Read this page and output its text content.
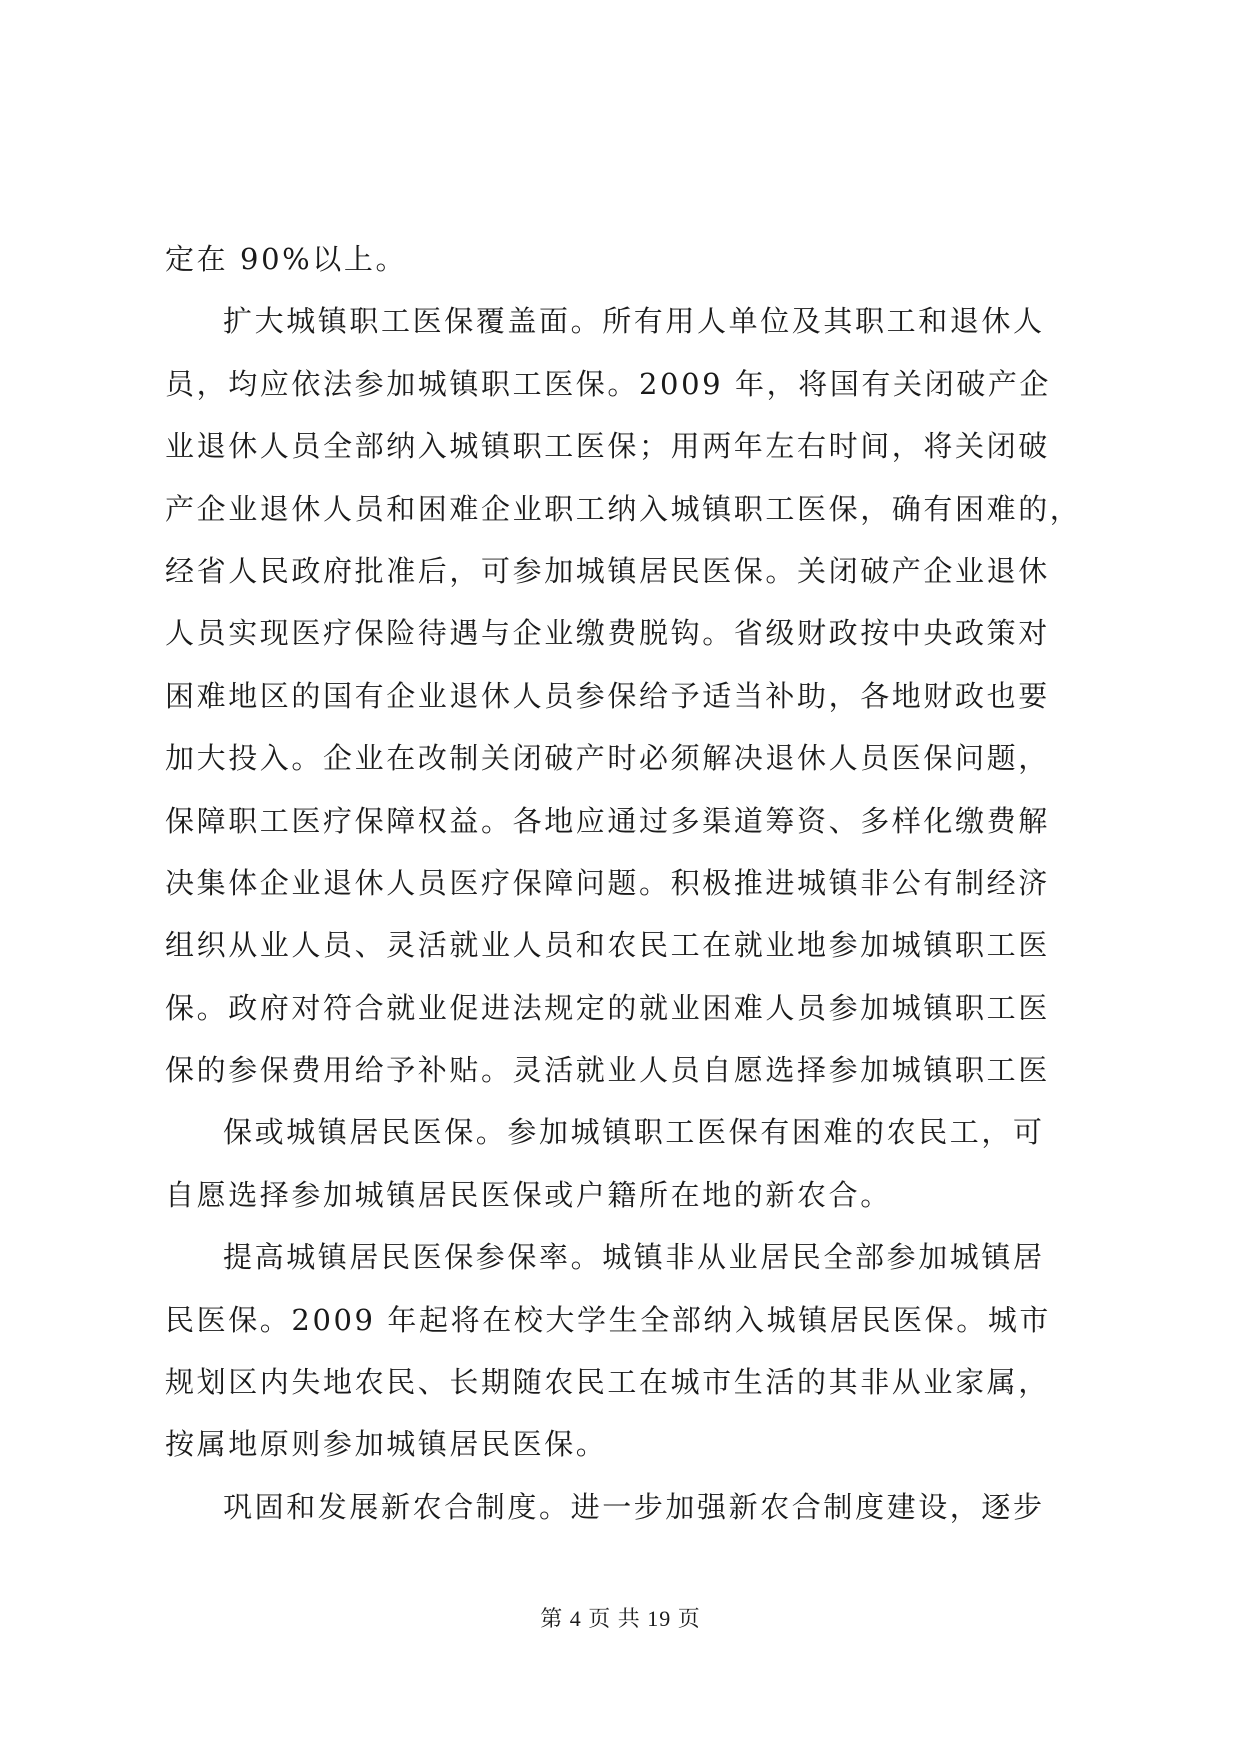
定在 90%以上。
扩大城镇职工医保覆盖面。所有用人单位及其职工和退休人
员，均应依法参加城镇职工医保。2009 年，将国有关闭破产企
业退休人员全部纳入城镇职工医保；用两年左右时间，将关闭破
产企业退休人员和困难企业职工纳入城镇职工医保，确有困难的，
经省人民政府批准后，可参加城镇居民医保。关闭破产企业退休
人员实现医疗保险待遇与企业缴费脱钩。省级财政按中央政策对
困难地区的国有企业退休人员参保给予适当补助，各地财政也要
加大投入。企业在改制关闭破产时必须解决退休人员医保问题，
保障职工医疗保障权益。各地应通过多渠道筹资、多样化缴费解
决集体企业退休人员医疗保障问题。积极推进城镇非公有制经济
组织从业人员、灵活就业人员和农民工在就业地参加城镇职工医
保。政府对符合就业促进法规定的就业困难人员参加城镇职工医
保的参保费用给予补贴。灵活就业人员自愿选择参加城镇职工医
保或城镇居民医保。参加城镇职工医保有困难的农民工，可
自愿选择参加城镇居民医保或户籍所在地的新农合。
提高城镇居民医保参保率。城镇非从业居民全部参加城镇居
民医保。2009 年起将在校大学生全部纳入城镇居民医保。城市
规划区内失地农民、长期随农民工在城市生活的其非从业家属，
按属地原则参加城镇居民医保。
巩固和发展新农合制度。进一步加强新农合制度建设，逐步
第 4 页 共 19 页
